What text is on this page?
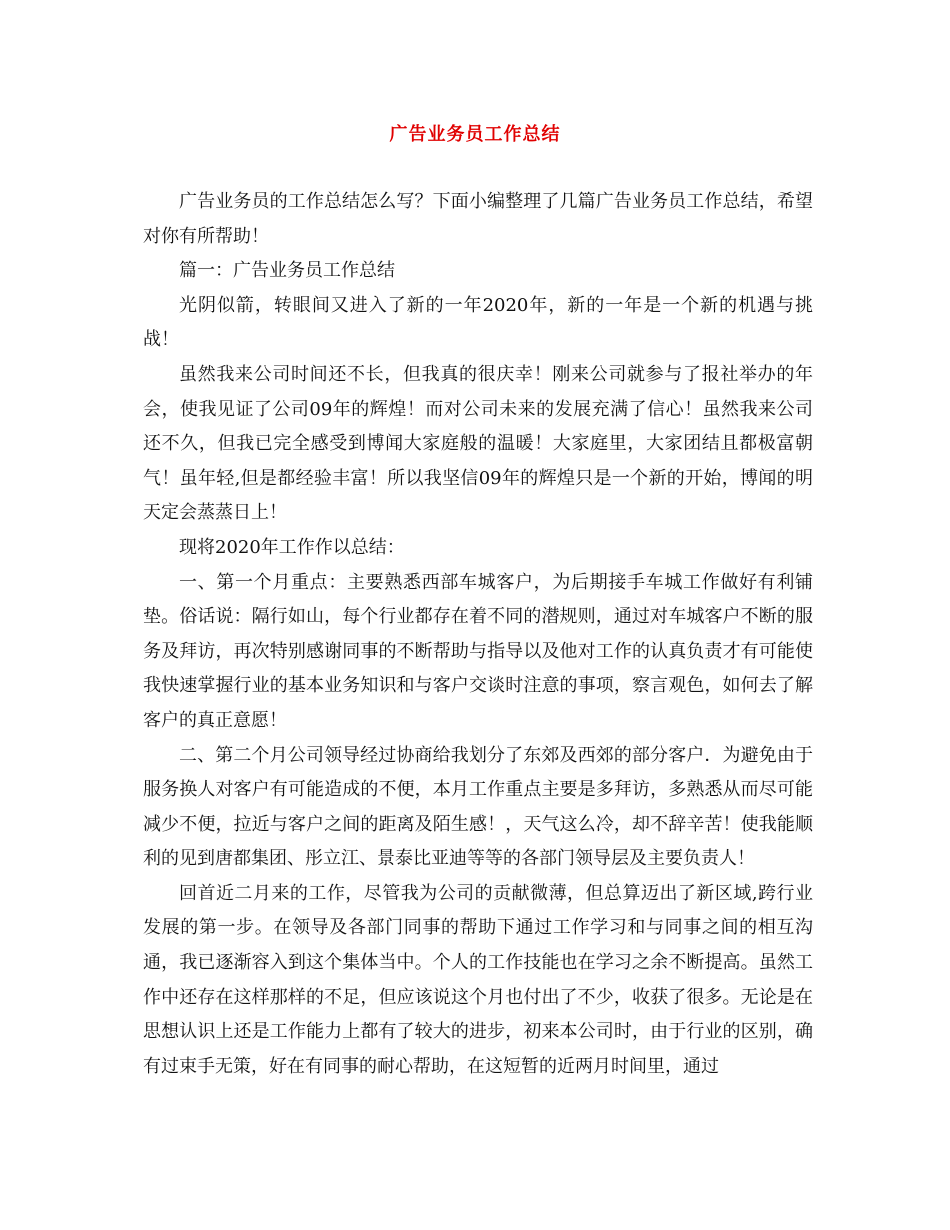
广告业务员工作总结

广告业务员的工作总结怎么写？下面小编整理了几篇广告业务员工作总结，希望对你有所帮助！

篇一：广告业务员工作总结

光阴似箭，转眼间又进入了新的一年2020年，新的一年是一个新的机遇与挑战！

虽然我来公司时间还不长，但我真的很庆幸！刚来公司就参与了报社举办的年会，使我见证了公司09年的辉煌！而对公司未来的发展充满了信心！虽然我来公司还不久，但我已完全感受到博闻大家庭般的温暖！大家庭里，大家团结且都极富朝气！虽年轻,但是都经验丰富！所以我坚信09年的辉煌只是一个新的开始，博闻的明天定会蒸蒸日上！

现将2020年工作作以总结：

一、第一个月重点：主要熟悉西部车城客户，为后期接手车城工作做好有利铺垫。俗话说：隔行如山，每个行业都存在着不同的潜规则，通过对车城客户不断的服务及拜访，再次特别感谢同事的不断帮助与指导以及他对工作的认真负责才有可能使我快速掌握行业的基本业务知识和与客户交谈时注意的事项，察言观色，如何去了解客户的真正意愿！

二、第二个月公司领导经过协商给我划分了东郊及西郊的部分客户．为避免由于服务换人对客户有可能造成的不便，本月工作重点主要是多拜访，多熟悉从而尽可能减少不便，拉近与客户之间的距离及陌生感！，天气这么冷，却不辞辛苦！使我能顺利的见到唐都集团、彤立江、景泰比亚迪等等的各部门领导层及主要负责人！

回首近二月来的工作，尽管我为公司的贡献微薄，但总算迈出了新区域,跨行业发展的第一步。在领导及各部门同事的帮助下通过工作学习和与同事之间的相互沟通，我已逐渐容入到这个集体当中。个人的工作技能也在学习之余不断提高。虽然工作中还存在这样那样的不足，但应该说这个月也付出了不少，收获了很多。无论是在思想认识上还是工作能力上都有了较大的进步，初来本公司时，由于行业的区别，确有过束手无策，好在有同事的耐心帮助，在这短暂的近两月时间里，通过
